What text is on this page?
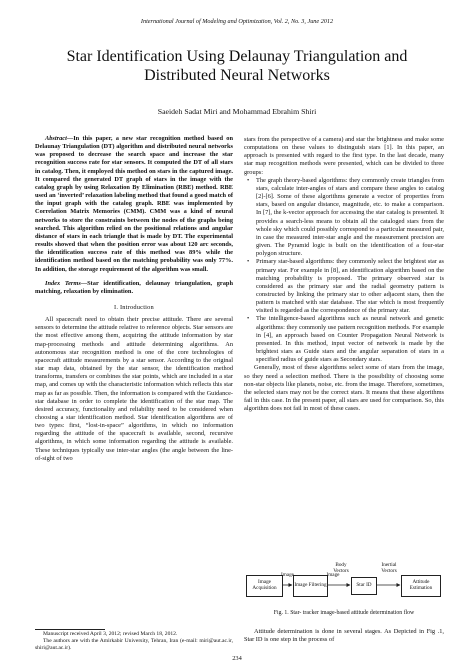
International Journal of Modeling and Optimization, Vol. 2, No. 3, June 2012
Star Identification Using Delaunay Triangulation and Distributed Neural Networks
Saeideh Sadat Miri and Mohammad Ebrahim Shiri

Abstract—In this paper, a new star recognition method based on Delaunay Triangulation (DT) algorithm and distributed neural networks was proposed to decrease the search space and increase the star recognition success rate for star sensors. It computed the DT of all stars in catalog. Then, it employed this method on stars in the captured image. It compared the generated DT graph of stars in the image with the catalog graph by using Relaxation By Elimination (RBE) method. RBE used an ‘inverted’ relaxation labeling method that found a good match of the input graph with the catalog graph. RBE was implemented by Correlation Matrix Memories (CMM). CMM was a kind of neural networks to store the constraints between the nodes of the graphs being searched. This algorithm relied on the positional relations and angular distance of stars in each triangle that is made by DT. The experimental results showed that when the position error was about 120 arc seconds, the identification success rate of this method was 89% while the identification method based on the matching probability was only 77%. In addition, the storage requirement of the algorithm was small.

Index Terms—Star identification, delaunay triangulation, graph matching, relaxation by elimination.

I. Introduction

All spacecraft need to obtain their precise attitude. There are several sensors to determine the attitude relative to reference objects. Star sensors are the most effective among them, acquiring the attitude information by star map-processing methods and attitude determining algorithms. An autonomous star recognition method is one of the core technologies of spacecraft attitude measurements by a star sensor. According to the original star map data, obtained by the star sensor, the identification method transforms, transfers or combines the star points, which are included in a star map, and comes up with the characteristic information which reflects this star map as far as possible. Then, the information is compared with the Guidance-star database in order to complete the identification of the star map. The desired accuracy, functionality and reliability need to be considered when choosing a star identification method. Star identification algorithms are of two types: first, “lost-in-space” algorithms, in which no information regarding the attitude of the spacecraft is available, second, recursive algorithms, in which some information regarding the attitude is available. These techniques typically use inter-star angles (the angle between the line-of-sight of two

stars from the perspective of a camera) and star the brightness and make some computations on these values to distinguish stars [1]. In this paper, an approach is presented with regard to the first type. In the last decade, many star map recognition methods were presented, which can be divided to three groups:

• The graph theory-based algorithms: they commonly create triangles from stars, calculate inter-angles of stars and compare these angles to catalog [2]-[6]. Some of these algorithms generate a vector of properties from stars, based on angular distance, magnitude, etc. to make a comparison. In [7], the k-vector approach for accessing the star catalog is presented. It provides a search-less means to obtain all the cataloged stars from the whole sky which could possibly correspond to a particular measured pair, in case the measured inter-star angle and the measurement precision are given. The Pyramid logic is built on the identification of a four-star polygon structure.
• Primary star-based algorithms: they commonly select the brightest star as primary star. For example in [8], an identification algorithm based on the matching probability is proposed. The primary observed star is considered as the primary star and the radial geometry pattern is constructed by linking the primary star to other adjacent stars, then the pattern is matched with star database. The star which is most frequently visited is regarded as the correspondence of the primary star.
• The intelligence-based algorithms such as neural network and genetic algorithms: they commonly use pattern recognition methods. For example in [4], an approach based on Counter Propagation Neural Network is presented. In this method, input vector of network is made by the brightest stars as Guide stars and the angular separation of stars in a specified radius of guide stars as Secondary stars.

Generally, most of these algorithms select some of stars from the image, so they need a selection method. There is the possibility of choosing some non-star objects like planets, noise, etc. from the image. Therefore, sometimes, the selected stars may not be the correct stars. It means that these algorithms fail in this case. In the present paper, all stars are used for comparison. So, this algorithm does not fail in most of these cases.

Image Acquisition	Image Filtering	Star ID	Attitude Estimation
Image	Image
Body Vectors
Inertial Vectors
Fig. 1. Star- tracker image-based attitude determination flow

Attitude determination is done in several stages. As Depicted in Fig .1, Star ID is one step in the process of

Manuscript received April 3, 2012; revised March 18, 2012.

The authors are with the Amirkabir University, Tehran, Iran (e-mail: miri@aut.ac.ir, shiri@aut.ac.ir).

234
